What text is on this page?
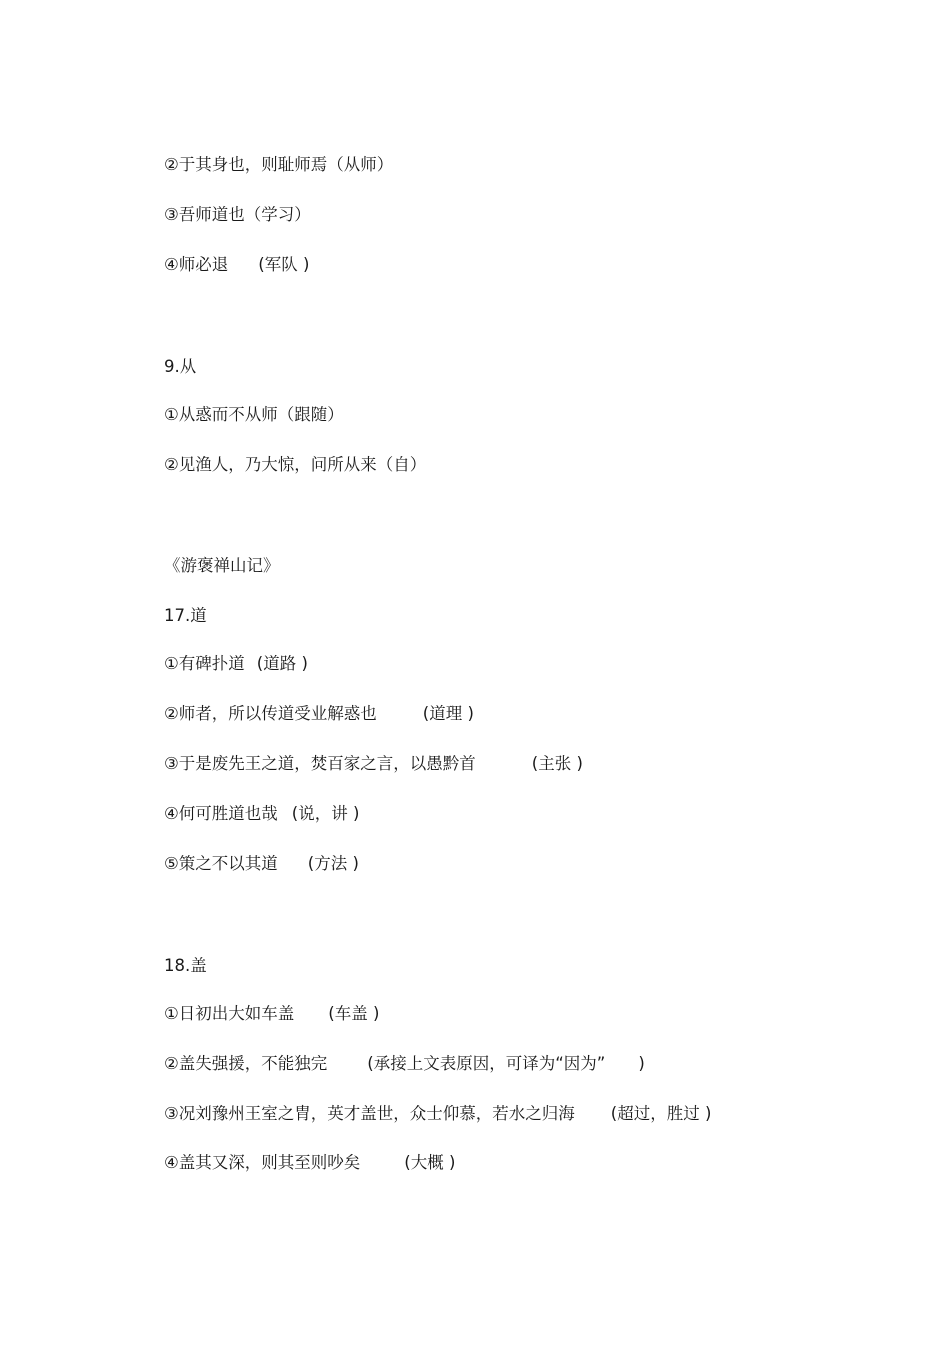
②于其身也，则耻师焉（从师）

③吾师道也（学习）

④师必退 (军队 )

9.从

①从惑而不从师（跟随）

②见渔人，乃大惊，问所从来（自）

《游褒禅山记》

17.道

①有碑扑道 (道路 )

②师者，所以传道受业解惑也	(道理 )

③于是废先王之道，焚百家之言，以愚黔首	(主张 )

④何可胜道也哉 (说，讲 )

⑤策之不以其道 (方法 )

18.盖

①日初出大如车盖 (车盖 )

②盖失强援，不能独完 (承接上文表原因，可译为“因为”　　)

③况刘豫州王室之胄，英才盖世，众士仰慕，若水之归海 (超过，胜过 )

④盖其又深，则其至则吵矣	(大概 )
